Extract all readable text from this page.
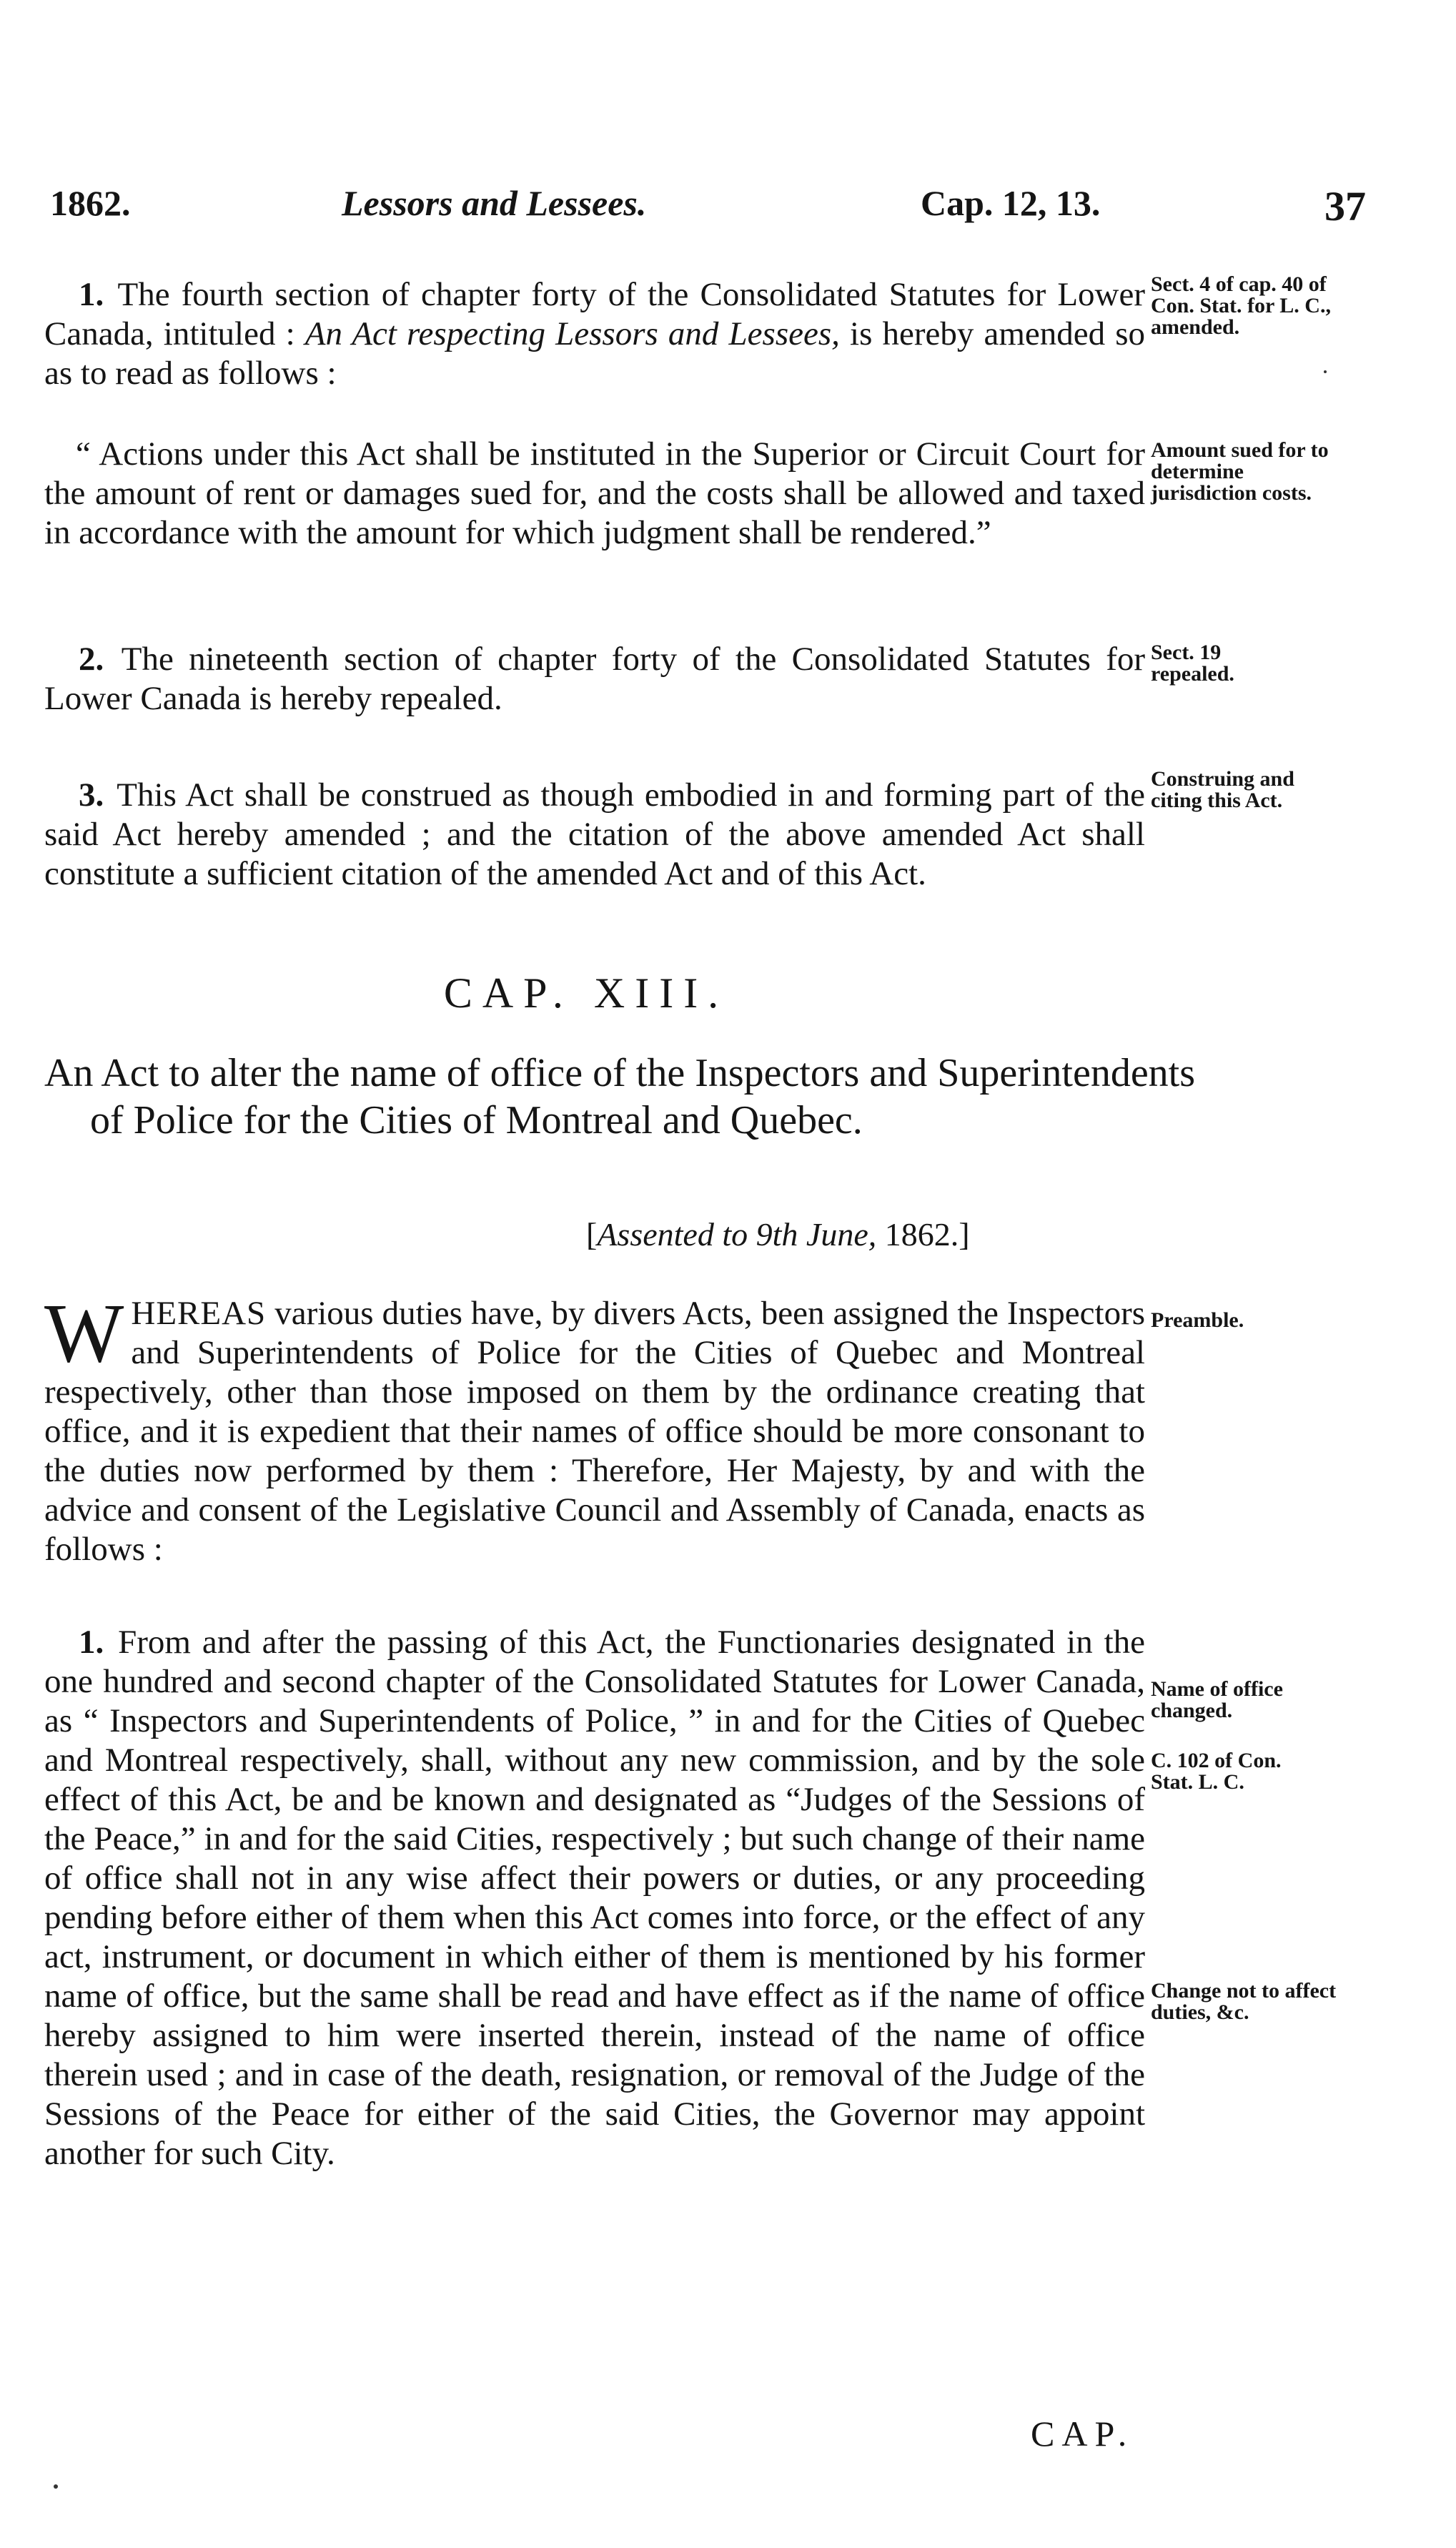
1862.	Lessors and Lessees.	Cap. 12, 13.	37

1. The fourth section of chapter forty of the Consolidated Statutes for Lower Canada, intituled : An Act respecting Lessors and Lessees, is hereby amended so as to read as follows :

Sect. 4 of cap. 40 of Con. Stat. for L. C., amended.

“ Actions under this Act shall be instituted in the Superior or Circuit Court for the amount of rent or damages sued for, and the costs shall be allowed and taxed in accordance with the amount for which judgment shall be rendered.”

Amount sued for to determine jurisdiction costs.

2. The nineteenth section of chapter forty of the Consolidated Statutes for Lower Canada is hereby repealed.

Sect. 19 repealed.

3. This Act shall be construed as though embodied in and forming part of the said Act hereby amended ; and the citation of the above amended Act shall constitute a sufficient citation of the amended Act and of this Act.

Construing and citing this Act.
CAP. XIII.
An Act to alter the name of office of the Inspectors and Superintendents of Police for the Cities of Montreal and Quebec.
[Assented to 9th June, 1862.]

WHEREAS various duties have, by divers Acts, been assigned the Inspectors and Superintendents of Police for the Cities of Quebec and Montreal respectively, other than those imposed on them by the ordinance creating that office, and it is expedient that their names of office should be more consonant to the duties now performed by them : Therefore, Her Majesty, by and with the advice and consent of the Legislative Council and Assembly of Canada, enacts as follows :

Preamble.

1. From and after the passing of this Act, the Functionaries designated in the one hundred and second chapter of the Consolidated Statutes for Lower Canada, as “ Inspectors and Superintendents of Police, ” in and for the Cities of Quebec and Montreal respectively, shall, without any new commission, and by the sole effect of this Act, be and be known and designated as “Judges of the Sessions of the Peace,” in and for the said Cities, respectively ; but such change of their name of office shall not in any wise affect their powers or duties, or any proceeding pending before either of them when this Act comes into force, or the effect of any act, instrument, or document in which either of them is mentioned by his former name of office, but the same shall be read and have effect as if the name of office hereby assigned to him were inserted therein, instead of the name of office therein used ; and in case of the death, resignation, or removal of the Judge of the Sessions of the Peace for either of the said Cities, the Governor may appoint another for such City.

Name of office changed.
C. 102 of Con. Stat. L. C.
Change not to affect duties, &c.
CAP.
